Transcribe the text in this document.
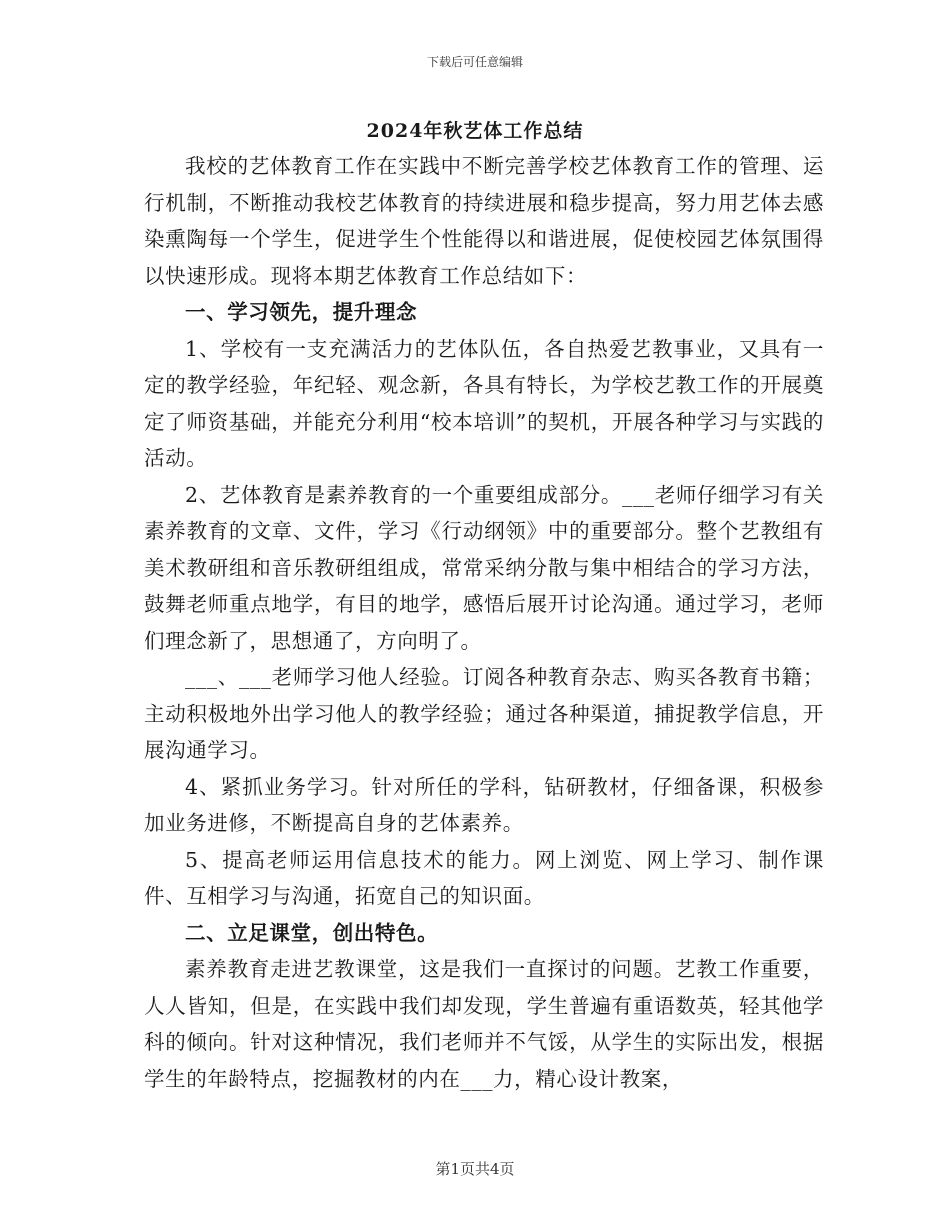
下载后可任意编辑
2024年秋艺体工作总结

我校的艺体教育工作在实践中不断完善学校艺体教育工作的管理、运行机制，不断推动我校艺体教育的持续进展和稳步提高，努力用艺体去感染熏陶每一个学生，促进学生个性能得以和谐进展，促使校园艺体氛围得以快速形成。现将本期艺体教育工作总结如下：

一、学习领先，提升理念

1、学校有一支充满活力的艺体队伍，各自热爱艺教事业，又具有一定的教学经验，年纪轻、观念新，各具有特长，为学校艺教工作的开展奠定了师资基础，并能充分利用“校本培训”的契机，开展各种学习与实践的活动。

2、艺体教育是素养教育的一个重要组成部分。___老师仔细学习有关素养教育的文章、文件，学习《行动纲领》中的重要部分。整个艺教组有美术教研组和音乐教研组组成，常常采纳分散与集中相结合的学习方法，鼓舞老师重点地学，有目的地学，感悟后展开讨论沟通。通过学习，老师们理念新了，思想通了，方向明了。

___、___老师学习他人经验。订阅各种教育杂志、购买各教育书籍；主动积极地外出学习他人的教学经验；通过各种渠道，捕捉教学信息，开展沟通学习。

4、紧抓业务学习。针对所任的学科，钻研教材，仔细备课，积极参加业务进修，不断提高自身的艺体素养。

5、提高老师运用信息技术的能力。网上浏览、网上学习、制作课件、互相学习与沟通，拓宽自己的知识面。

二、立足课堂，创出特色。

素养教育走进艺教课堂，这是我们一直探讨的问题。艺教工作重要，人人皆知，但是，在实践中我们却发现，学生普遍有重语数英，轻其他学科的倾向。针对这种情况，我们老师并不气馁，从学生的实际出发，根据学生的年龄特点，挖掘教材的内在___力，精心设计教案，

第1页共4页
